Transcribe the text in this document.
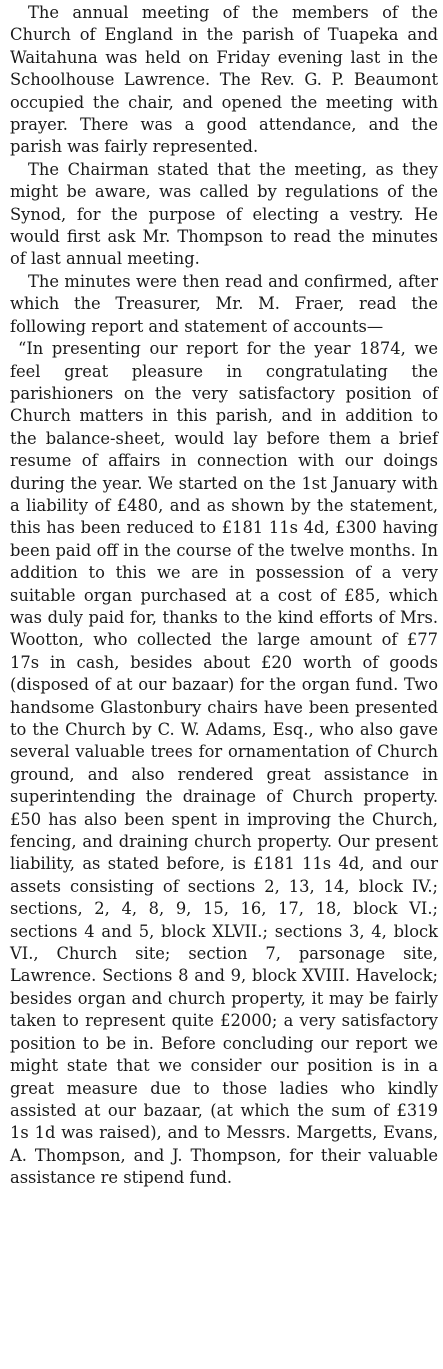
The annual meeting of the members of the Church of England in the parish of Tuapeka and Waitahuna was held on Friday evening last in the Schoolhouse Lawrence. The Rev. G. P. Beaumont occupied the chair, and opened the meeting with prayer. There was a good attendance, and the parish was fairly represented.

The Chairman stated that the meeting, as they might be aware, was called by regulations of the Synod, for the purpose of electing a vestry. He would first ask Mr. Thompson to read the minutes of last annual meeting.

The minutes were then read and confirmed, after which the Treasurer, Mr. M. Fraer, read the following report and statement of accounts—

“In presenting our report for the year 1874, we feel great pleasure in congratulating the parishioners on the very satisfactory position of Church matters in this parish, and in addition to the balance-sheet, would lay before them a brief resume of affairs in connection with our doings during the year. We started on the 1st January with a liability of £480, and as shown by the statement, this has been reduced to £181 11s 4d, £300 having been paid off in the course of the twelve months. In addition to this we are in possession of a very suitable organ purchased at a cost of £85, which was duly paid for, thanks to the kind efforts of Mrs. Wootton, who collected the large amount of £77 17s in cash, besides about £20 worth of goods (disposed of at our bazaar) for the organ fund. Two handsome Glastonbury chairs have been presented to the Church by C. W. Adams, Esq., who also gave several valuable trees for ornamentation of Church ground, and also rendered great assistance in superintending the drainage of Church property. £50 has also been spent in improving the Church, fencing, and draining church property. Our present liability, as stated before, is £181 11s 4d, and our assets consisting of sections 2, 13, 14, block IV.; sections, 2, 4, 8, 9, 15, 16, 17, 18, block VI.; sections 4 and 5, block XLVII.; sections 3, 4, block VI., Church site; section 7, parsonage site, Lawrence. Sections 8 and 9, block XVIII. Havelock; besides organ and church property, it may be fairly taken to represent quite £2000; a very satisfactory position to be in. Before concluding our report we might state that we consider our position is in a great measure due to those ladies who kindly assisted at our bazaar, (at which the sum of £319 1s 1d was raised), and to Messrs. Margetts, Evans, A. Thompson, and J. Thompson, for their valuable assistance re stipend fund.
